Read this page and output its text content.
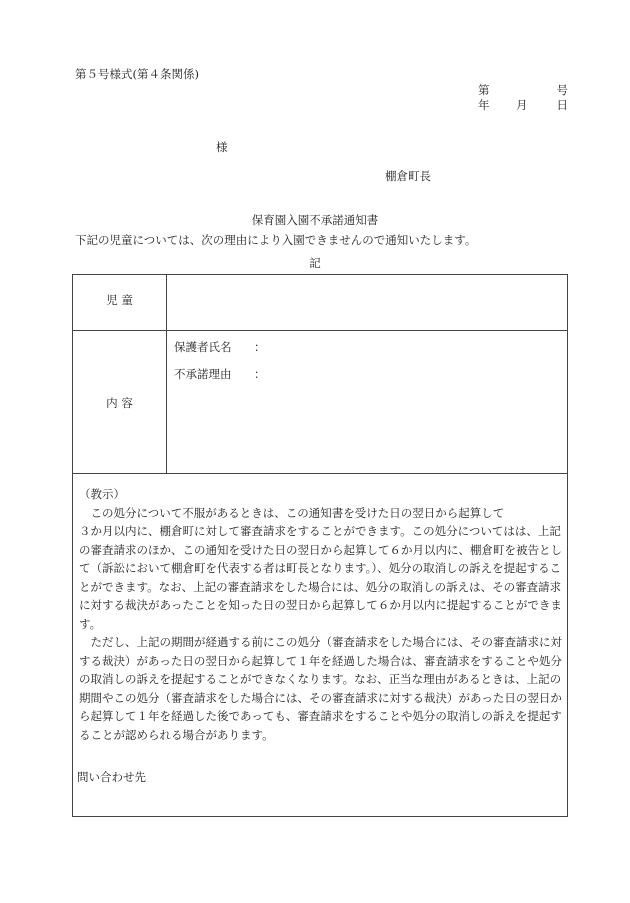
第５号様式(第４条関係)
第	号
年 月	日
様
棚倉町長
保育園入園不承諾通知書
下記の児童については、次の理由により入園できませんので通知いたします。
記
児 童
内 容
保護者氏名 ：
不承諾理由 ：

（教示）

この処分について不服があるときは、この通知書を受けた日の翌日から起算して

３か月以内に、棚倉町に対して審査請求をすることができます。この処分についてはは、上記の審査請求のほか、この通知を受けた日の翌日から起算して６か月以内に、棚倉町を被告として（訴訟において棚倉町を代表する者は町長となります。）、処分の取消しの訴えを提起することができます。なお、上記の審査請求をした場合には、処分の取消しの訴えは、その審査請求に対する裁決があったことを知った日の翌日から起算して６か月以内に提起することができます。

ただし、上記の期間が経過する前にこの処分（審査請求をした場合には、その審査請求に対する裁決）があった日の翌日から起算して１年を経過した場合は、審査請求をすることや処分の取消しの訴えを提起することができなくなります。なお、正当な理由があるときは、上記の期間やこの処分（審査請求をした場合には、その審査請求に対する裁決）があった日の翌日から起算して１年を経過した後であっても、審査請求をすることや処分の取消しの訴えを提起することが認められる場合があります。

問い合わせ先
